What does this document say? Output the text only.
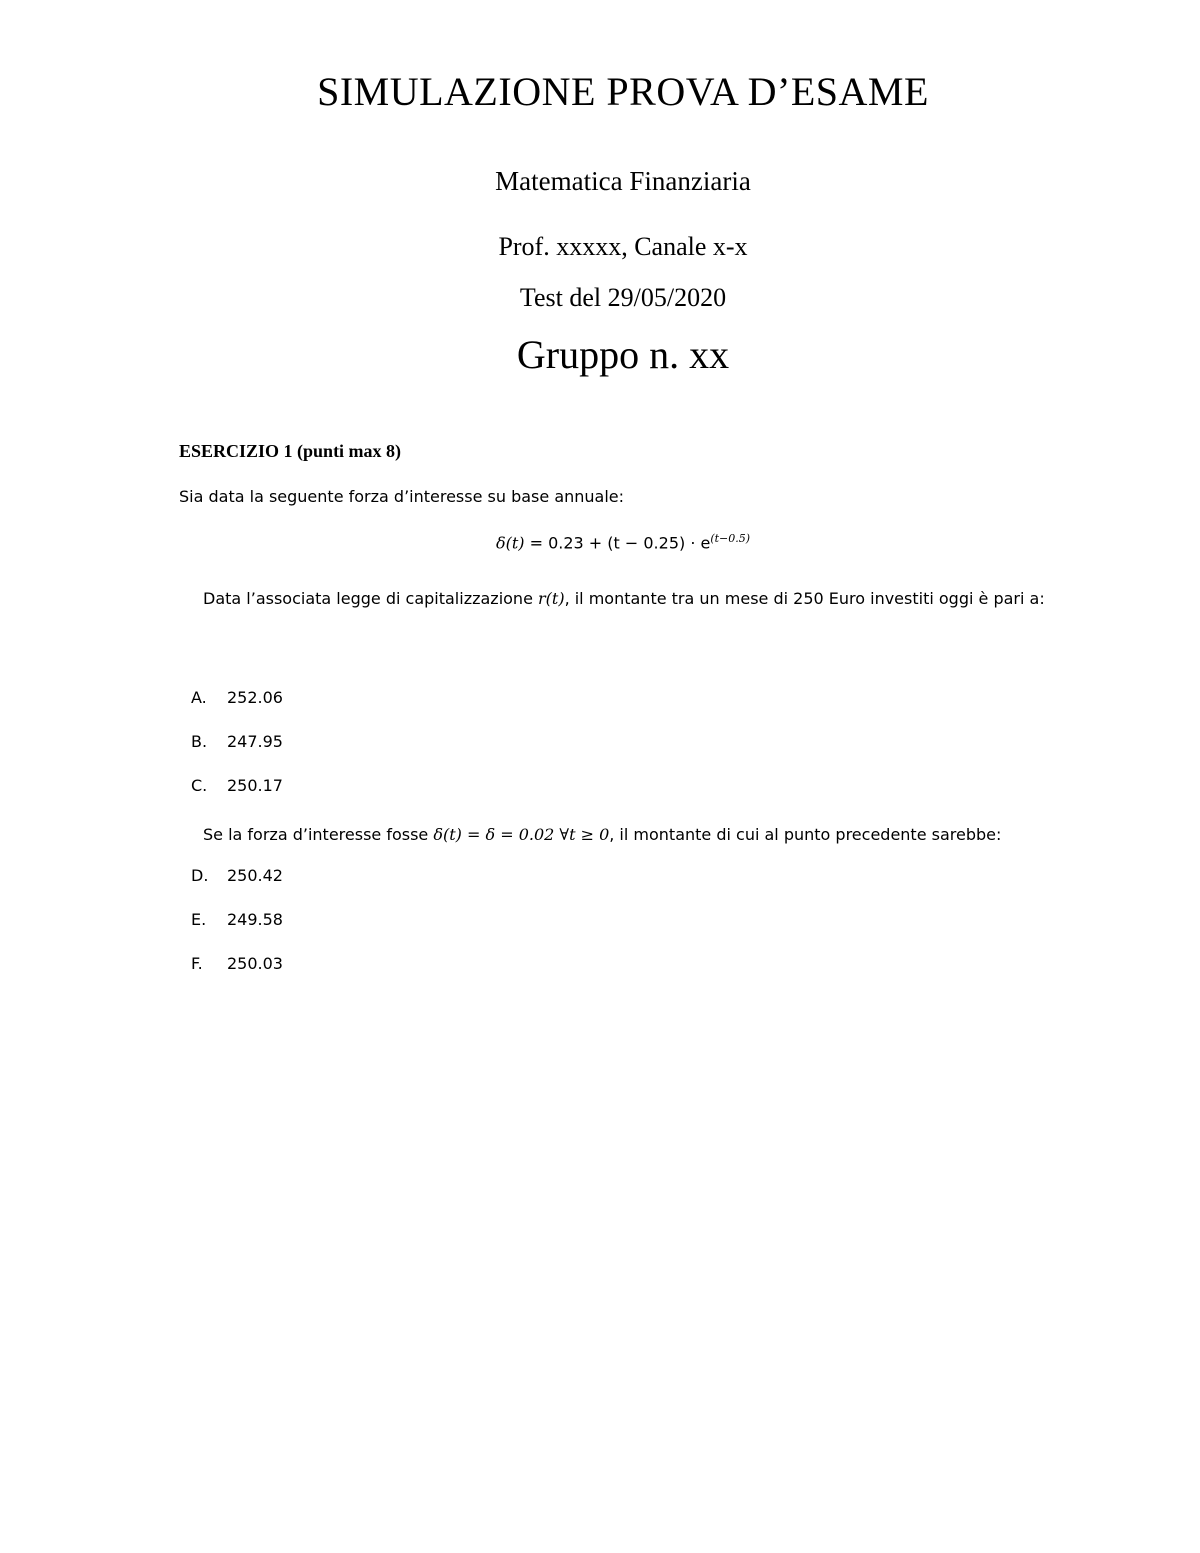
SIMULAZIONE PROVA D’ESAME
Matematica Finanziaria
Prof. xxxxx, Canale x-x
Test del 29/05/2020
Gruppo n. xx
ESERCIZIO 1 (punti max 8)
Sia data la seguente forza d’interesse su base annuale:
$\delta(t) = 0.23 + (t - 0.25) \cdot e^{(t-0.5)}$
Data l’associata legge di capitalizzazione r(t), il montante tra un mese di 250 Euro investiti oggi è pari a:
A. 252.06
B. 247.95
C. 250.17
Se la forza d’interesse fosse δ(t) = δ = 0.02 ∀t ≥ 0, il montante di cui al punto precedente sarebbe:
D. 250.42
E. 249.58
F. 250.03
